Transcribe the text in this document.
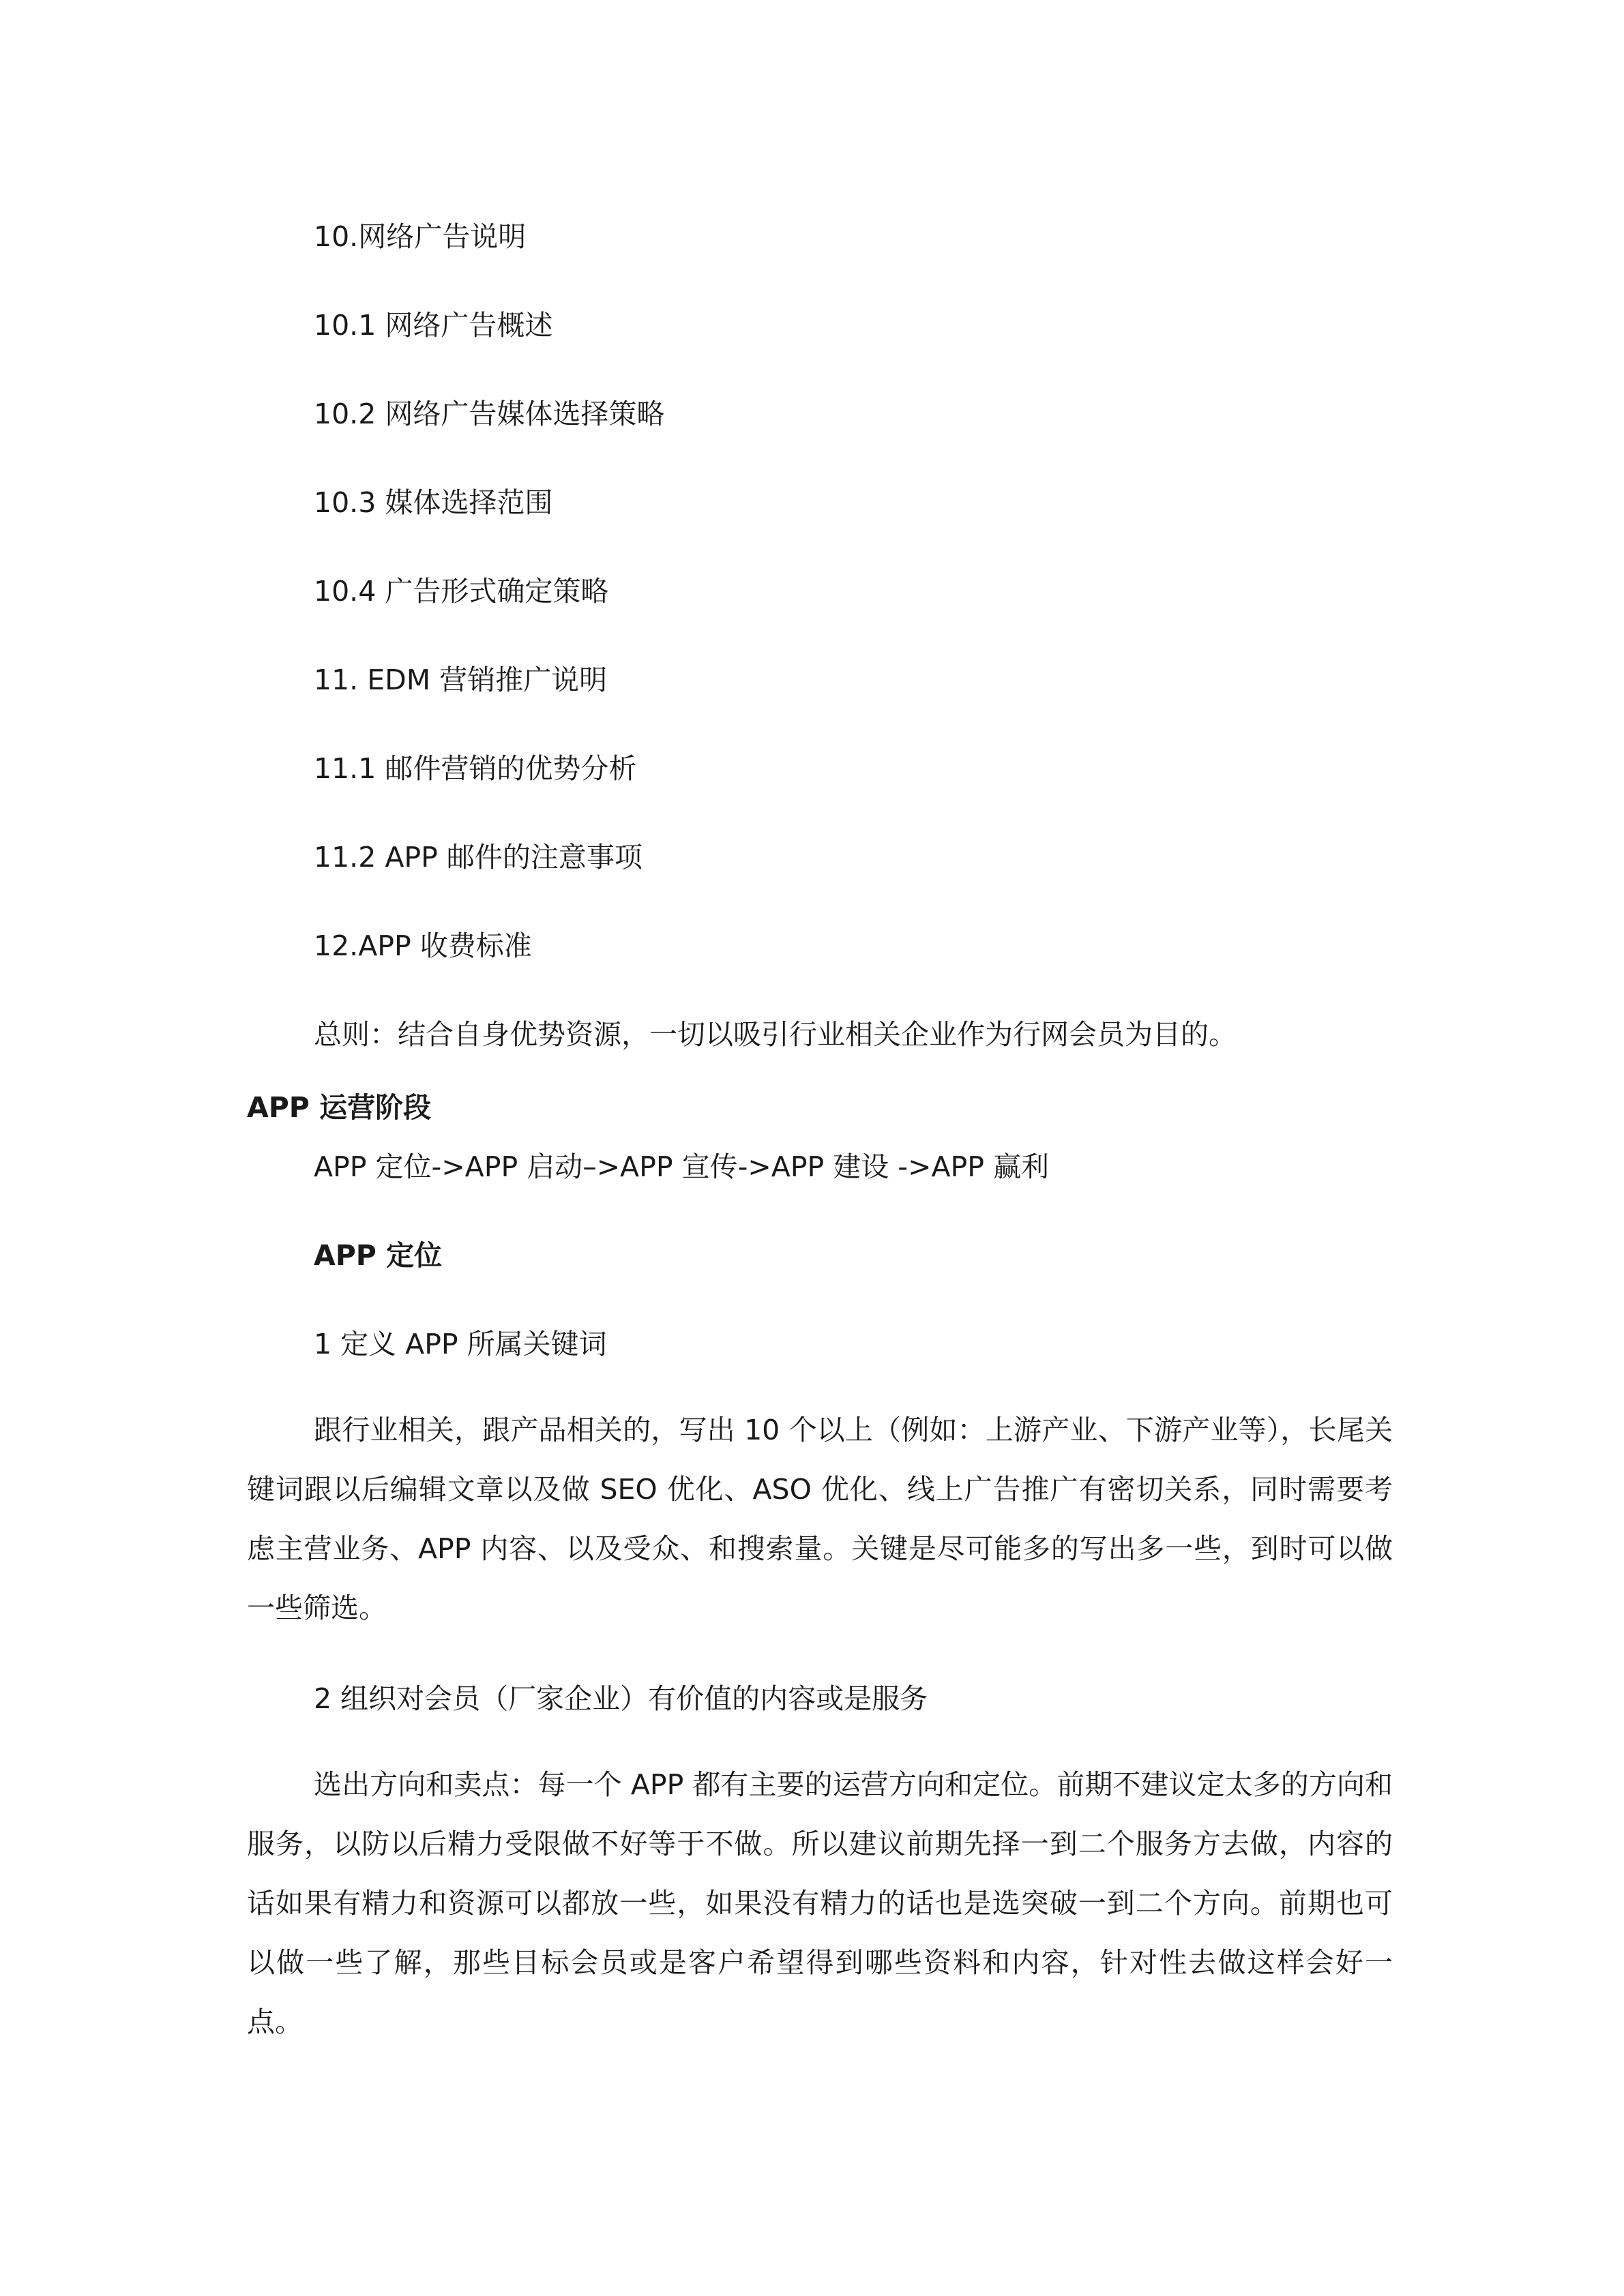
10.网络广告说明
10.1 网络广告概述
10.2 网络广告媒体选择策略
10.3 媒体选择范围
10.4 广告形式确定策略
11. EDM 营销推广说明
11.1 邮件营销的优势分析
11.2 APP 邮件的注意事项
12.APP 收费标准
总则：结合自身优势资源，一切以吸引行业相关企业作为行网会员为目的。
APP 运营阶段
APP 定位->APP 启动–>APP 宣传->APP 建设 ->APP 赢利
APP 定位
1 定义 APP 所属关键词
跟行业相关，跟产品相关的，写出 10 个以上（例如：上游产业、下游产业等），长尾关键词跟以后编辑文章以及做 SEO 优化、ASO 优化、线上广告推广有密切关系，同时需要考虑主营业务、APP 内容、以及受众、和搜索量。关键是尽可能多的写出多一些，到时可以做一些筛选。
2 组织对会员（厂家企业）有价值的内容或是服务
选出方向和卖点：每一个 APP 都有主要的运营方向和定位。前期不建议定太多的方向和服务，以防以后精力受限做不好等于不做。所以建议前期先择一到二个服务方去做，内容的话如果有精力和资源可以都放一些，如果没有精力的话也是选突破一到二个方向。前期也可以做一些了解，那些目标会员或是客户希望得到哪些资料和内容，针对性去做这样会好一点。
